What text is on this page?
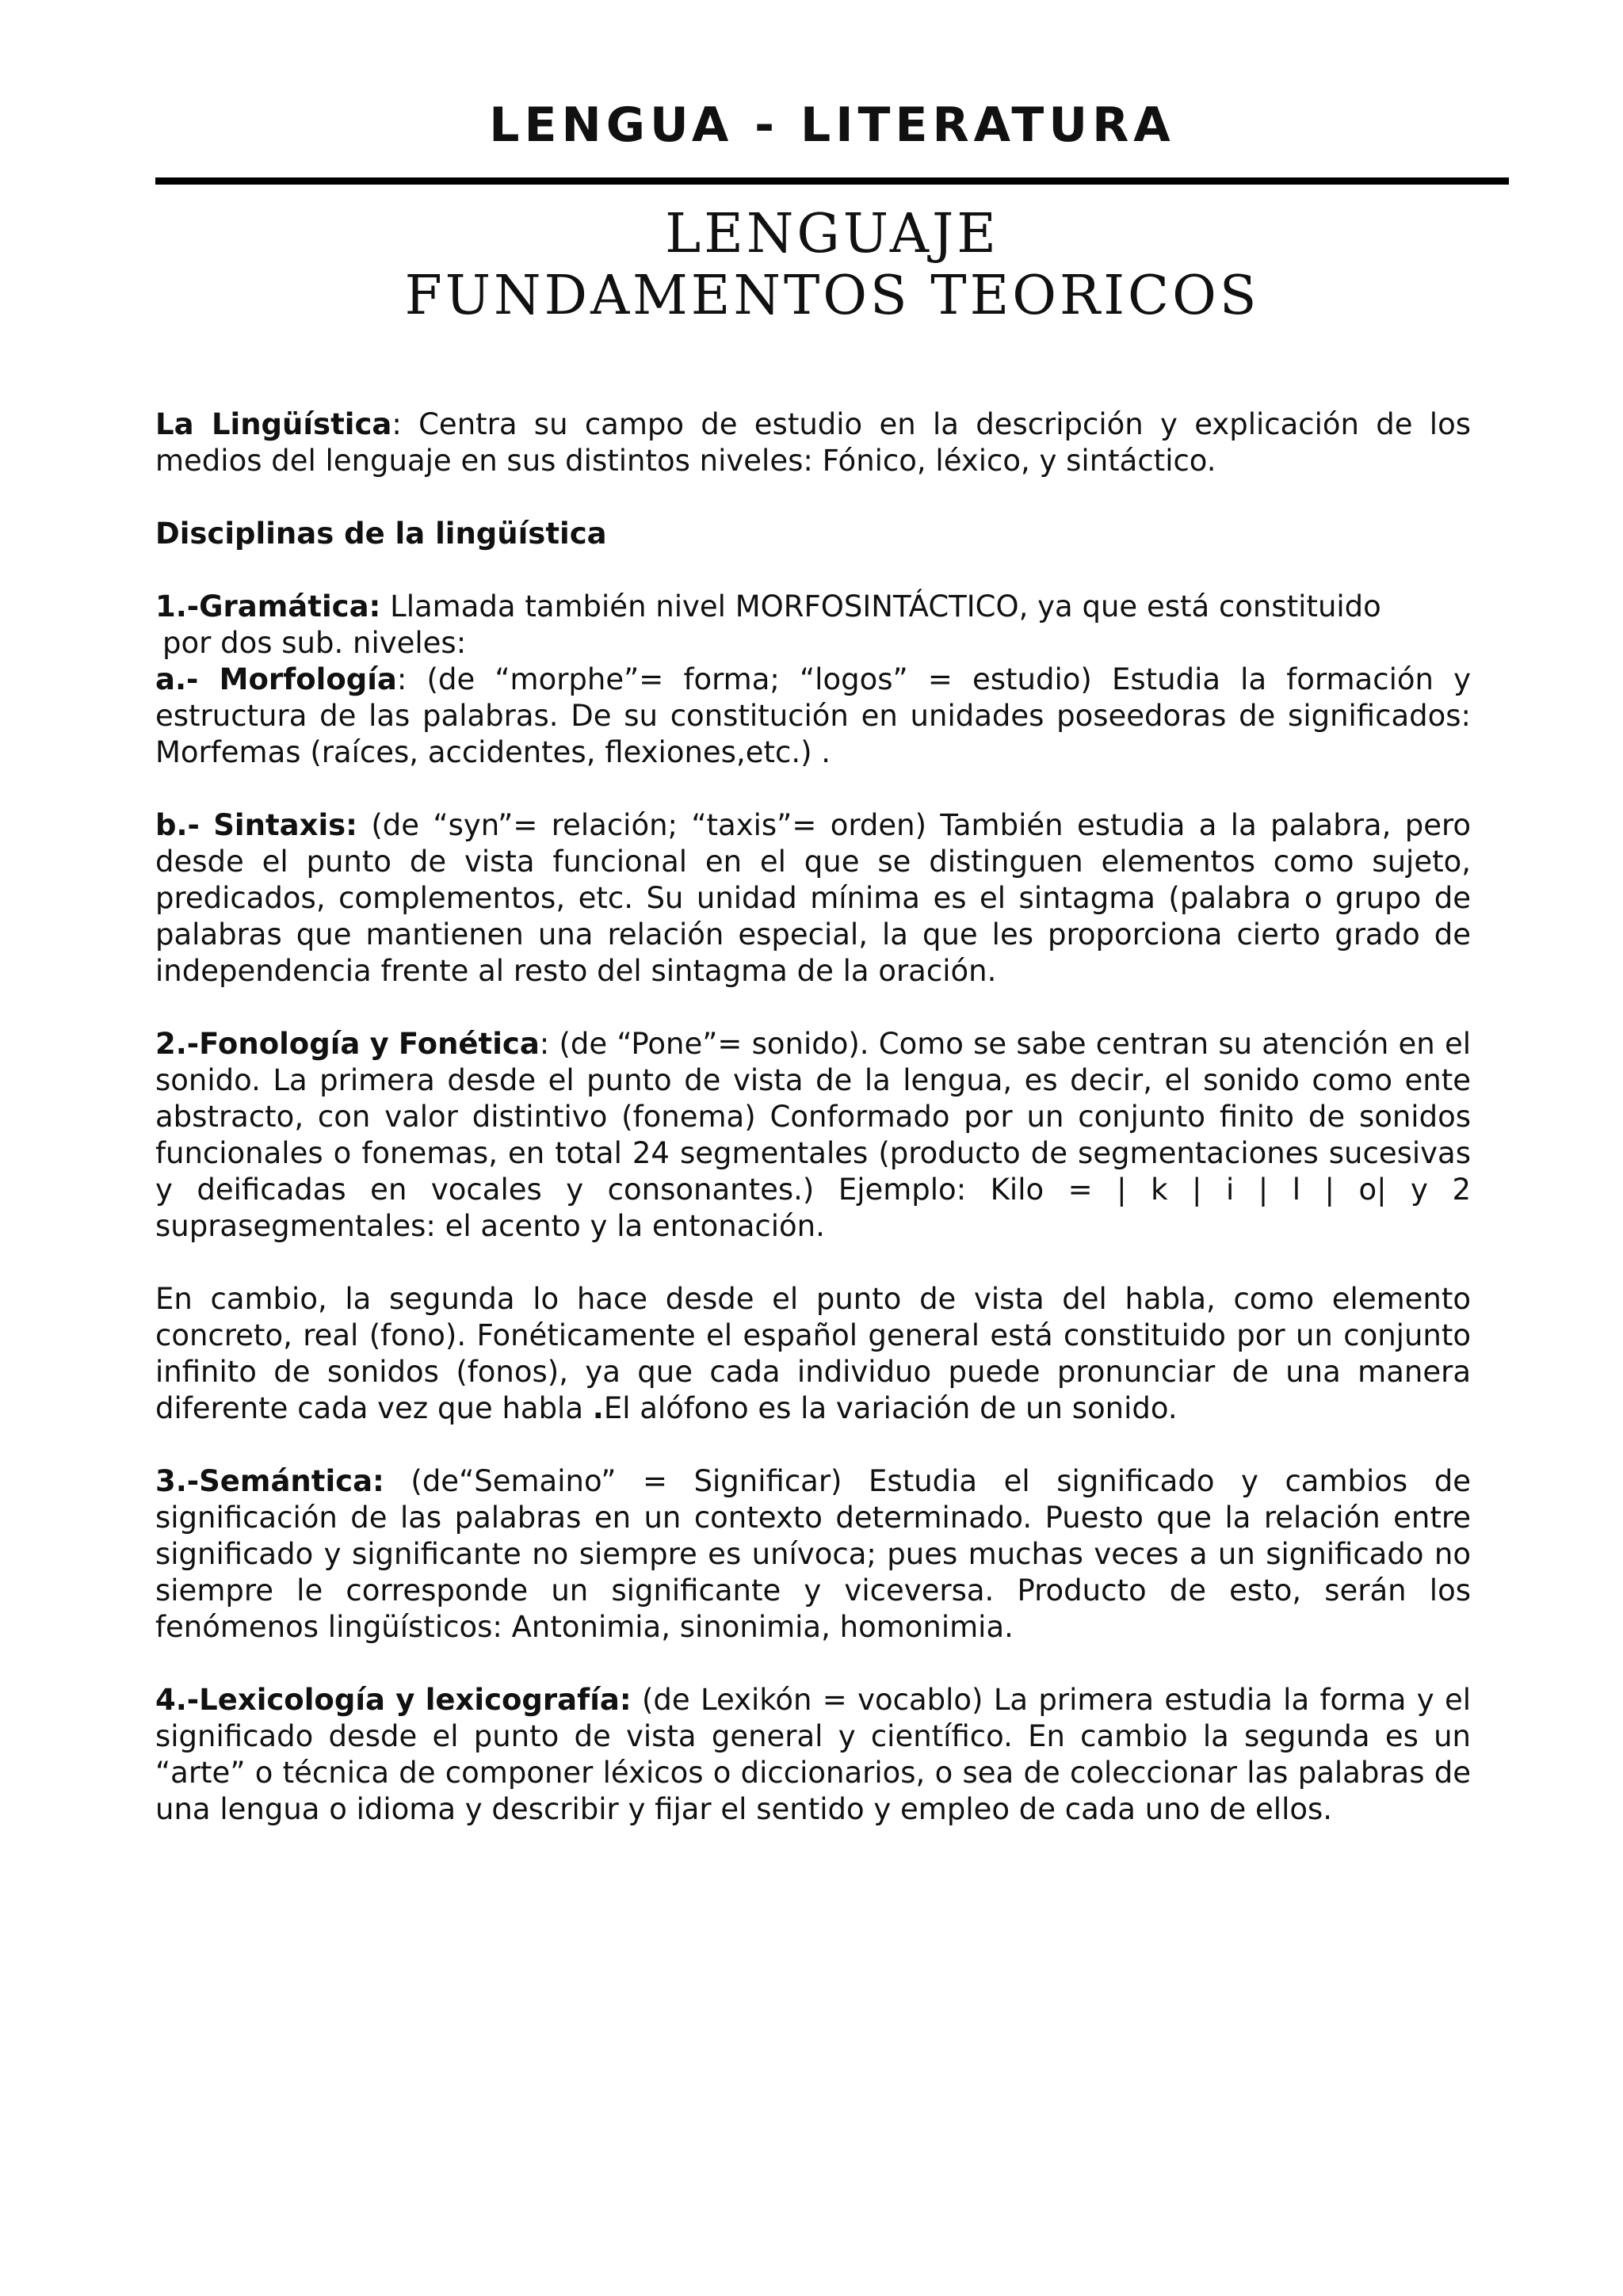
LENGUA - LITERATURA
LENGUAJE
FUNDAMENTOS TEORICOS

La Lingüística: Centra su campo de estudio en la descripción y explicación de los medios del lenguaje en sus distintos niveles: Fónico, léxico, y sintáctico.

Disciplinas de la lingüística

1.-Gramática: Llamada también nivel MORFOSINTÁCTICO, ya que está constituido
por dos sub. niveles:

a.- Morfología: (de “morphe”= forma; “logos” = estudio) Estudia la formación y estructura de las palabras. De su constitución en unidades poseedoras de significados: Morfemas (raíces, accidentes, flexiones,etc.) .

b.- Sintaxis: (de “syn”= relación; “taxis”= orden) También estudia a la palabra, pero desde el punto de vista funcional en el que se distinguen elementos como sujeto, predicados, complementos, etc. Su unidad mínima es el sintagma (palabra o grupo de palabras que mantienen una relación especial, la que les proporciona cierto grado de independencia frente al resto del sintagma de la oración.

2.-Fonología y Fonética: (de “Pone”= sonido). Como se sabe centran su atención en el sonido. La primera desde el punto de vista de la lengua, es decir, el sonido como ente abstracto, con valor distintivo (fonema) Conformado por un conjunto finito de sonidos funcionales o fonemas, en total 24 segmentales (producto de segmentaciones sucesivas y deificadas en vocales y consonantes.) Ejemplo: Kilo = | k | i | l | o| y 2 suprasegmentales: el acento y la entonación.

En cambio, la segunda lo hace desde el punto de vista del habla, como elemento concreto, real (fono). Fonéticamente el español general está constituido por un conjunto infinito de sonidos (fonos), ya que cada individuo puede pronunciar de una manera diferente cada vez que habla .El alófono es la variación de un sonido.

3.-Semántica: (de“Semaino” = Significar) Estudia el significado y cambios de significación de las palabras en un contexto determinado. Puesto que la relación entre significado y significante no siempre es unívoca; pues muchas veces a un significado no siempre le corresponde un significante y viceversa. Producto de esto, serán los fenómenos lingüísticos: Antonimia, sinonimia, homonimia.

4.-Lexicología y lexicografía: (de Lexikón = vocablo) La primera estudia la forma y el significado desde el punto de vista general y científico. En cambio la segunda es un “arte” o técnica de componer léxicos o diccionarios, o sea de coleccionar las palabras de una lengua o idioma y describir y fijar el sentido y empleo de cada uno de ellos.
